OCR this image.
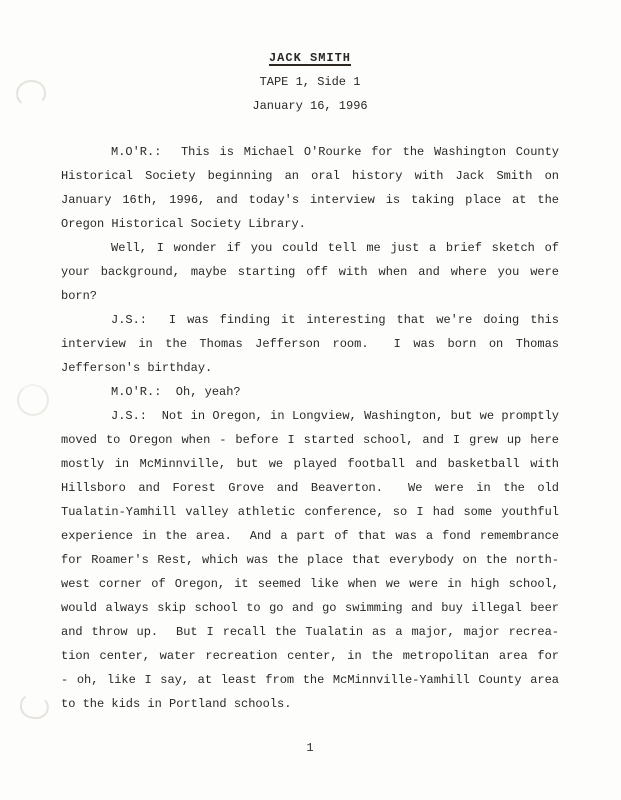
JACK SMITH
TAPE 1, Side 1
January 16, 1996
M.O'R.:  This is Michael O'Rourke for the Washington County
Historical Society beginning an oral history with Jack Smith on
January 16th, 1996, and today's interview is taking place at the
Oregon Historical Society Library.
Well, I wonder if you could tell me just a brief sketch of
your background, maybe starting off with when and where you were
born?
J.S.:  I was finding it interesting that we're doing this
interview in the Thomas Jefferson room.  I was born on Thomas
Jefferson's birthday.
M.O'R.:  Oh, yeah?
J.S.:  Not in Oregon, in Longview, Washington, but we promptly
moved to Oregon when - before I started school, and I grew up here
mostly in McMinnville, but we played football and basketball with
Hillsboro and Forest Grove and Beaverton.  We were in the old
Tualatin-Yamhill valley athletic conference, so I had some youthful
experience in the area.  And a part of that was a fond remembrance
for Roamer's Rest, which was the place that everybody on the north-
west corner of Oregon, it seemed like when we were in high school,
would always skip school to go and go swimming and buy illegal beer
and throw up.  But I recall the Tualatin as a major, major recrea-
tion center, water recreation center, in the metropolitan area for
- oh, like I say, at least from the McMinnville-Yamhill County area
to the kids in Portland schools.
1
